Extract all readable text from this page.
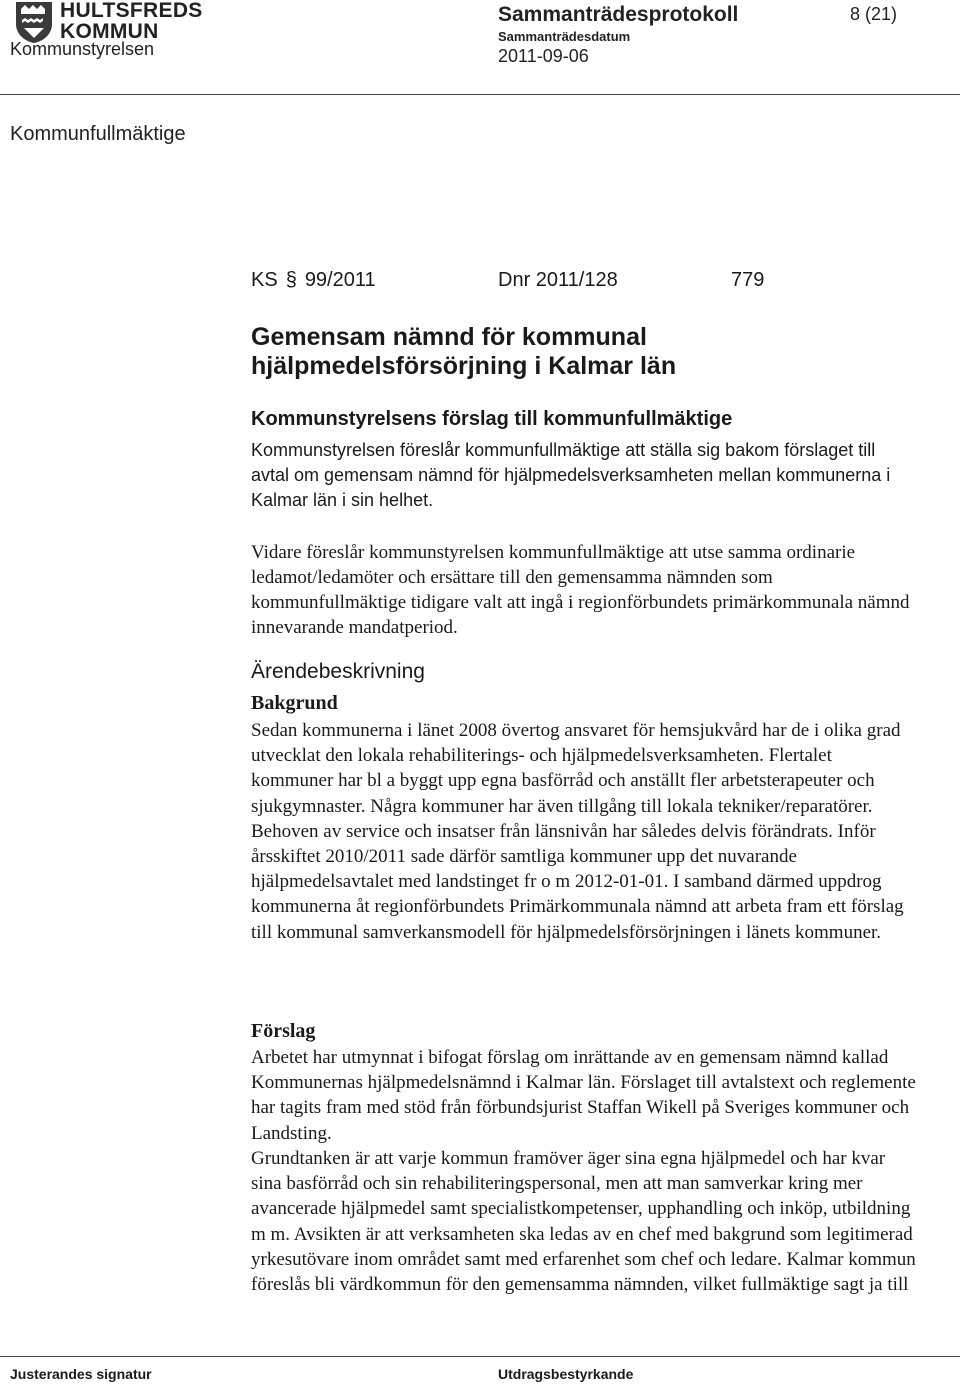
HULTSFREDS
KOMMUN
Sammanträdesprotokoll	8 (21)
Sammanträdesdatum
2011-09-06
Kommunstyrelsen
Kommunfullmäktige
KS § 99/2011	Dnr 2011/128	779
Gemensam nämnd för kommunal hjälpmedelsförsörjning i Kalmar län
Kommunstyrelsens förslag till kommunfullmäktige

Kommunstyrelsen föreslår kommunfullmäktige att ställa sig bakom förslaget till avtal om gemensam nämnd för hjälpmedelsverksamheten mellan kommunerna i Kalmar län i sin helhet.

Vidare föreslår kommunstyrelsen kommunfullmäktige att utse samma ordinarie ledamot/ledamöter och ersättare till den gemensamma nämnden som kommunfullmäktige tidigare valt att ingå i regionförbundets primärkommunala nämnd innevarande mandatperiod.

Ärendebeskrivning
Bakgrund

Sedan kommunerna i länet 2008 övertog ansvaret för hemsjukvård har de i olika grad utvecklat den lokala rehabiliterings- och hjälpmedelsverksamheten. Flertalet kommuner har bl a byggt upp egna basförråd och anställt fler arbetsterapeuter och sjukgymnaster. Några kommuner har även tillgång till lokala tekniker/reparatörer. Behoven av service och insatser från länsnivån har således delvis förändrats. Inför årsskiftet 2010/2011 sade därför samtliga kommuner upp det nuvarande hjälpmedelsavtalet med landstinget fr o m 2012-01-01. I samband därmed uppdrog kommunerna åt regionförbundets Primärkommunala nämnd att arbeta fram ett förslag till kommunal samverkansmodell för hjälpmedelsförsörjningen i länets kommuner.

Förslag

Arbetet har utmynnat i bifogat förslag om inrättande av en gemensam nämnd kallad Kommunernas hjälpmedelsnämnd i Kalmar län. Förslaget till avtalstext och reglemente har tagits fram med stöd från förbundsjurist Staffan Wikell på Sveriges kommuner och Landsting.

Grundtanken är att varje kommun framöver äger sina egna hjälpmedel och har kvar sina basförråd och sin rehabiliteringspersonal, men att man samverkar kring mer avancerade hjälpmedel samt specialistkompetenser, upphandling och inköp, utbildning m m. Avsikten är att verksamheten ska ledas av en chef med bakgrund som legitimerad yrkesutövare inom området samt med erfarenhet som chef och ledare. Kalmar kommun föreslås bli värdkommun för den gemensamma nämnden, vilket fullmäktige sagt ja till

Justerandes signatur	Utdragsbestyrkande
